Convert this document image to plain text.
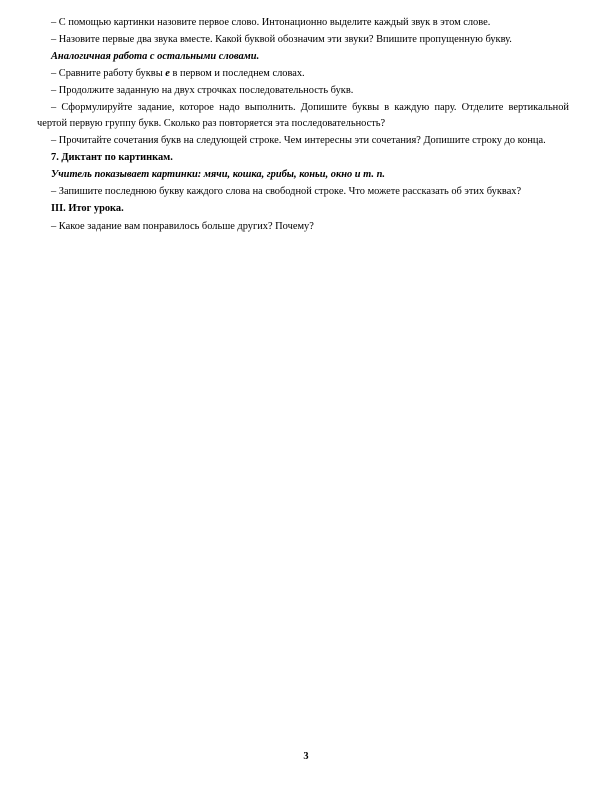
– С помощью картинки назовите первое слово. Интонационно выделите каждый звук в этом слове.

– Назовите первые два звука вместе. Какой буквой обозначим эти звуки? Впишите пропущенную букву.

Аналогичная работа с остальными словами.

– Сравните работу буквы е в первом и последнем словах.

– Продолжите заданную на двух строчках последовательность букв.

– Сформулируйте задание, которое надо выполнить. Допишите буквы в каждую пару. Отделите вертикальной чертой первую группу букв. Сколько раз повторяется эта последовательность?

– Прочитайте сочетания букв на следующей строке. Чем интересны эти сочетания? Допишите строку до конца.

7. Диктант по картинкам.

Учитель показывает картинки: мячи, кошка, грибы, коньи, окно и т. п.

– Запишите последнюю букву каждого слова на свободной строке. Что можете рассказать об этих буквах?

III. Итог урока.

– Какое задание вам понравилось больше других? Почему?

3
